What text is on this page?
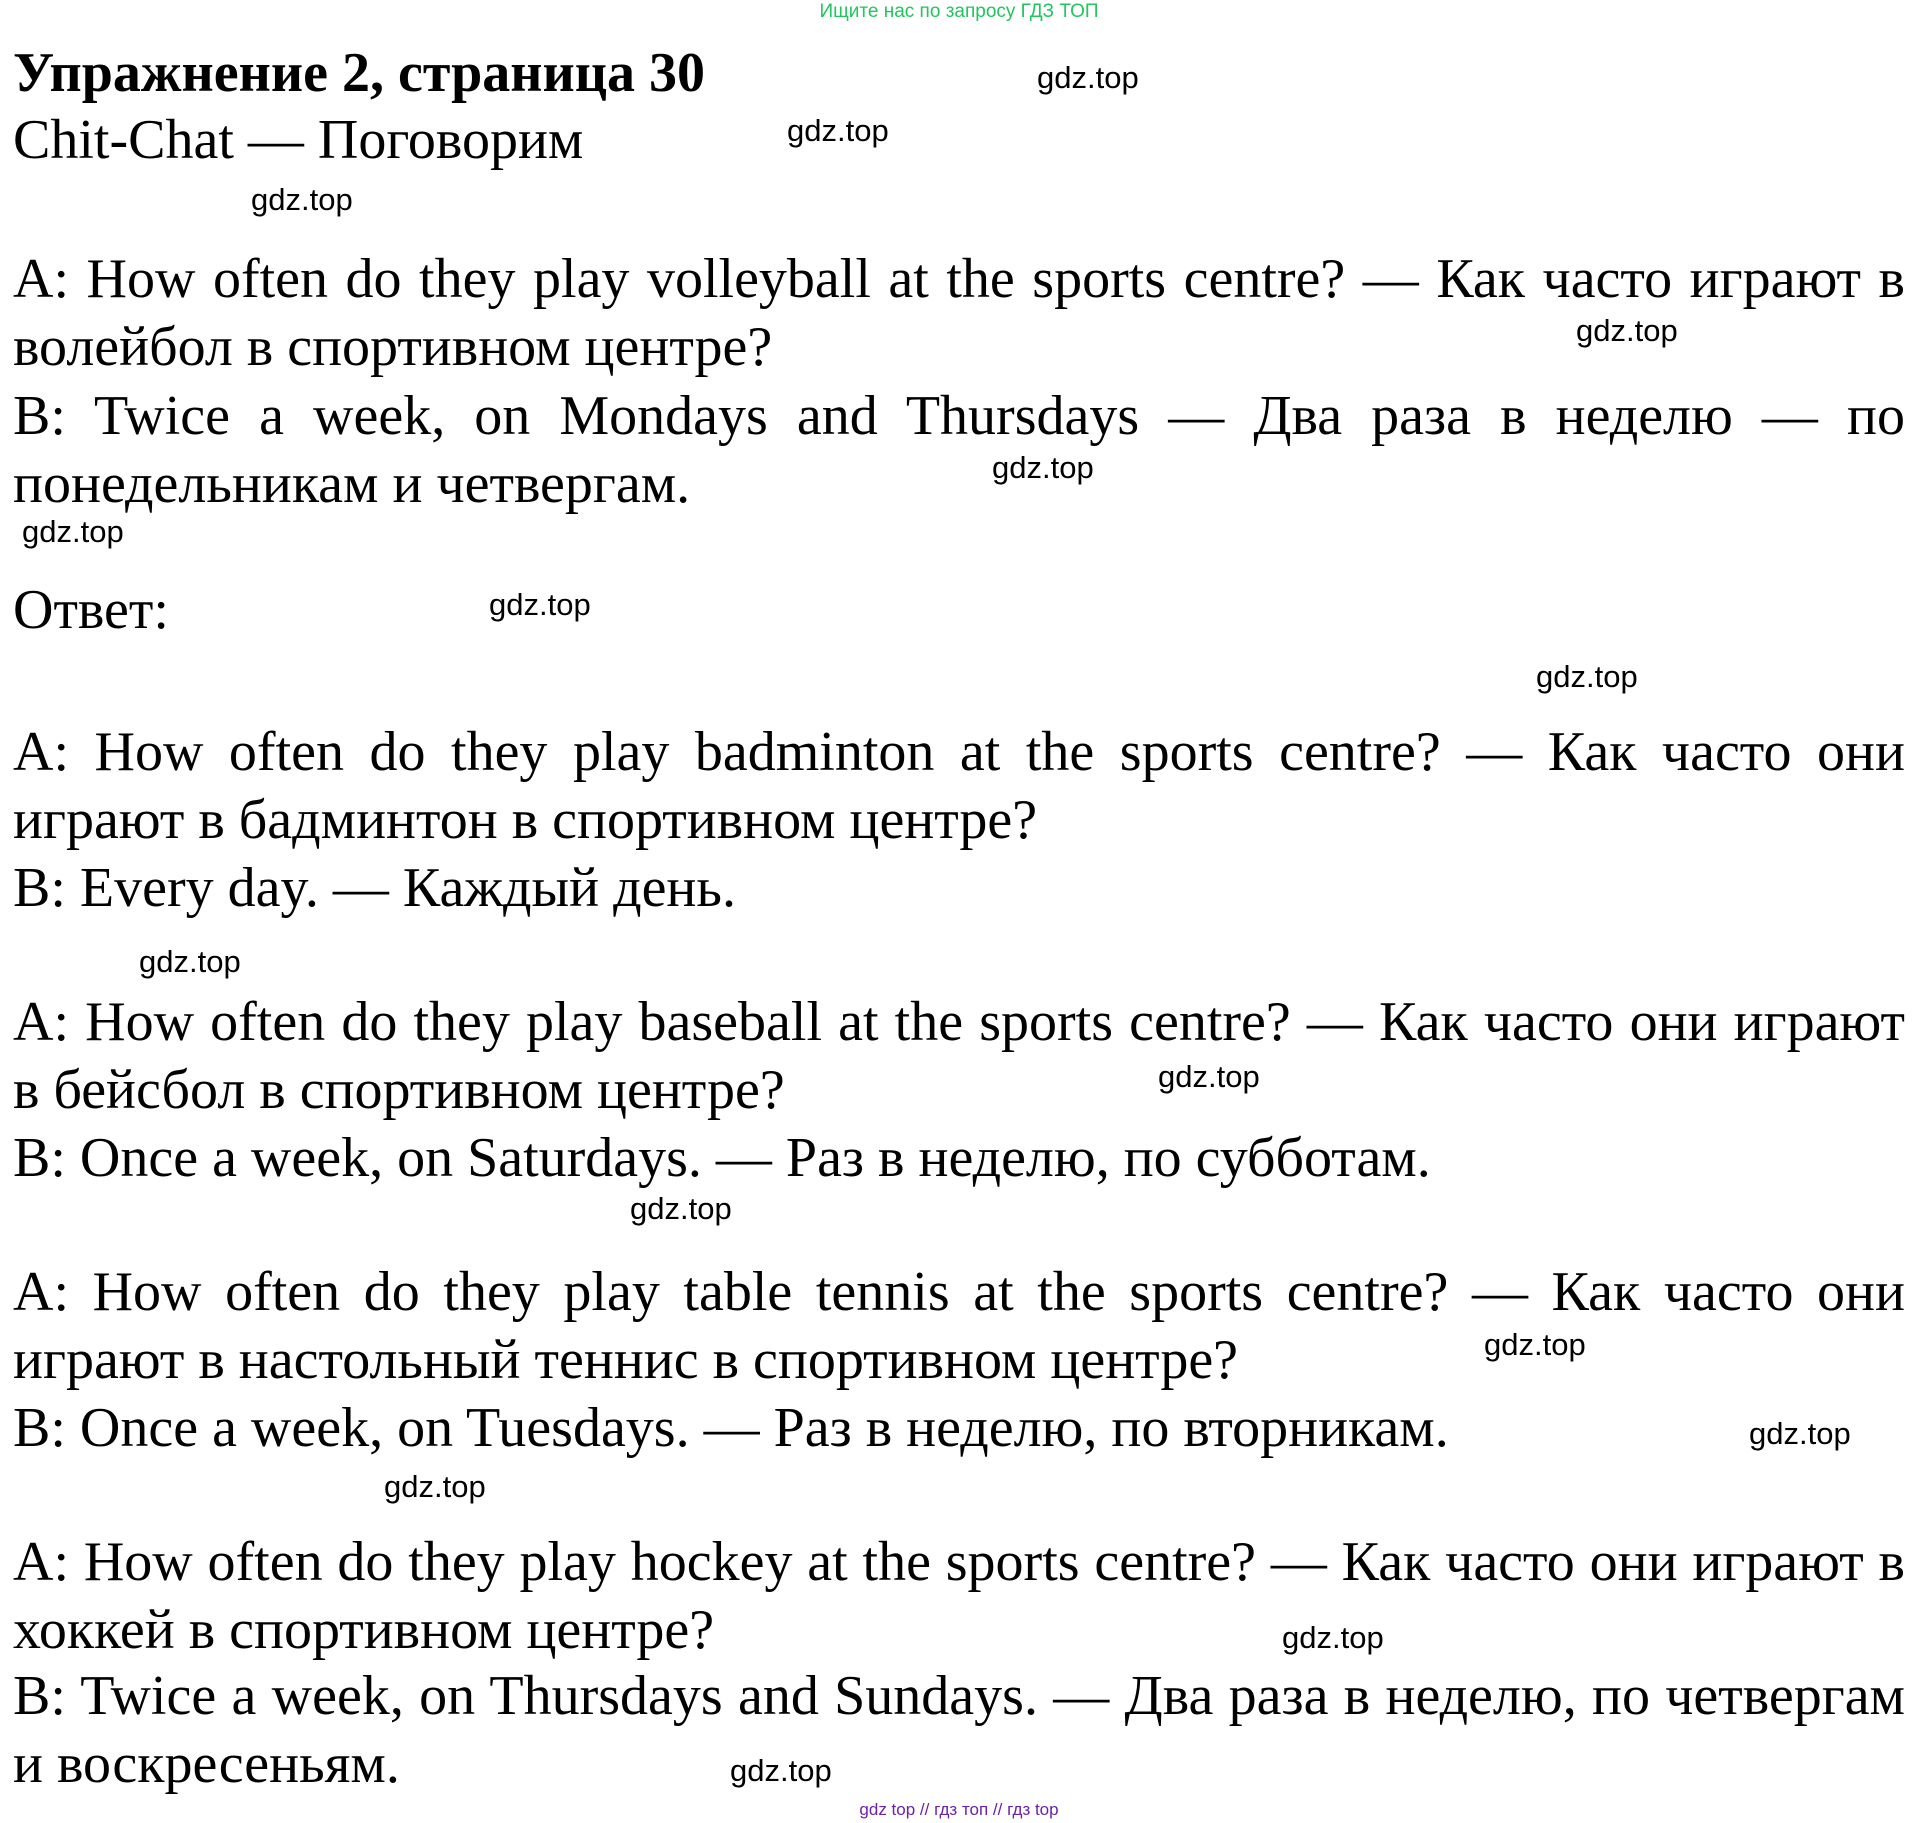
Ищите нас по запросу ГДЗ ТОП
Упражнение 2, страница 30
Chit-Chat — Поговорим
A: How often do they play volleyball at the sports centre? — Как часто играют в волейбол в спортивном центре?
B: Twice a week, on Mondays and Thursdays — Два раза в неделю — по понедельникам и четвергам.
Ответ:
A: How often do they play badminton at the sports centre? — Как часто они играют в бадминтон в спортивном центре?
B: Every day. — Каждый день.
A: How often do they play baseball at the sports centre? — Как часто они играют в бейсбол в спортивном центре?
B: Once a week, on Saturdays. — Раз в неделю, по субботам.
A: How often do they play table tennis at the sports centre? — Как часто они играют в настольный теннис в спортивном центре?
B: Once a week, on Tuesdays. — Раз в неделю, по вторникам.
A: How often do they play hockey at the sports centre? — Как часто они играют в хоккей в спортивном центре?
B: Twice a week, on Thursdays and Sundays. — Два раза в неделю, по четвергам и воскресеньям.
gdz.top
gdz.top
gdz.top
gdz.top
gdz.top
gdz.top
gdz.top
gdz.top
gdz.top
gdz.top
gdz.top
gdz.top
gdz.top
gdz.top
gdz.top
gdz.top
gdz top // гдз топ // гдз top
